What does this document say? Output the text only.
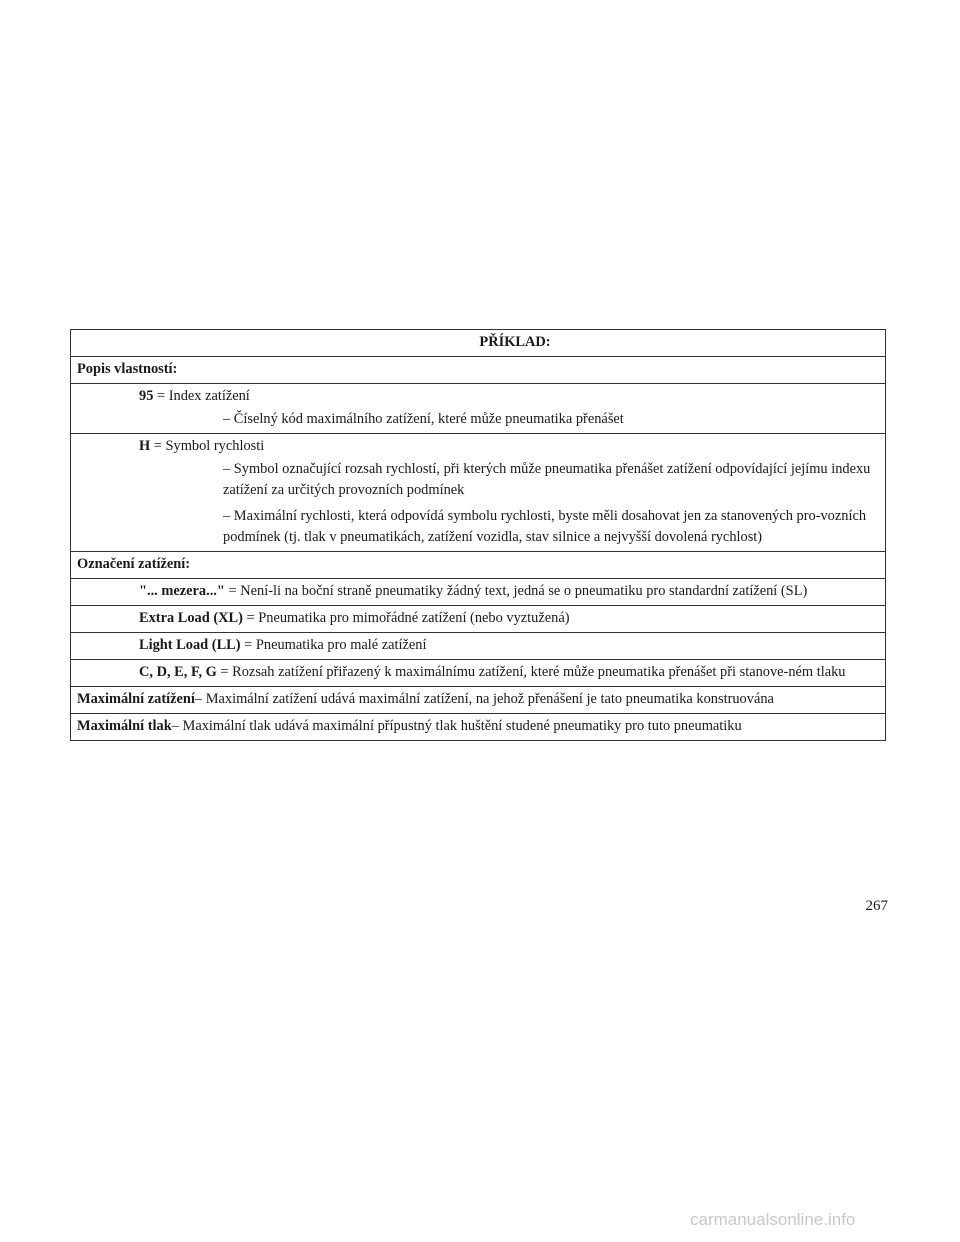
PŘÍKLAD:
Popis vlastností:
95 = Index zatížení
– Číselný kód maximálního zatížení, které může pneumatika přenášet
H = Symbol rychlosti
– Symbol označující rozsah rychlostí, při kterých může pneumatika přenášet zatížení odpovídající jejímu indexu zatížení za určitých provozních podmínek
– Maximální rychlosti, která odpovídá symbolu rychlosti, byste měli dosahovat jen za stanovených pro-vozních podmínek (tj. tlak v pneumatikách, zatížení vozidla, stav silnice a nejvyšší dovolená rychlost)
Označení zatížení:
"... mezera..." = Není-li na boční straně pneumatiky žádný text, jedná se o pneumatiku pro standardní zatížení (SL)
Extra Load (XL) = Pneumatika pro mimořádné zatížení (nebo vyztužená)
Light Load (LL) = Pneumatika pro malé zatížení
C, D, E, F, G = Rozsah zatížení přiřazený k maximálnímu zatížení, které může pneumatika přenášet při stanove-ném tlaku
Maximální zatížení– Maximální zatížení udává maximální zatížení, na jehož přenášení je tato pneumatika konstruována
Maximální tlak– Maximální tlak udává maximální přípustný tlak huštění studené pneumatiky pro tuto pneumatiku
267
carmanualsonline.info
